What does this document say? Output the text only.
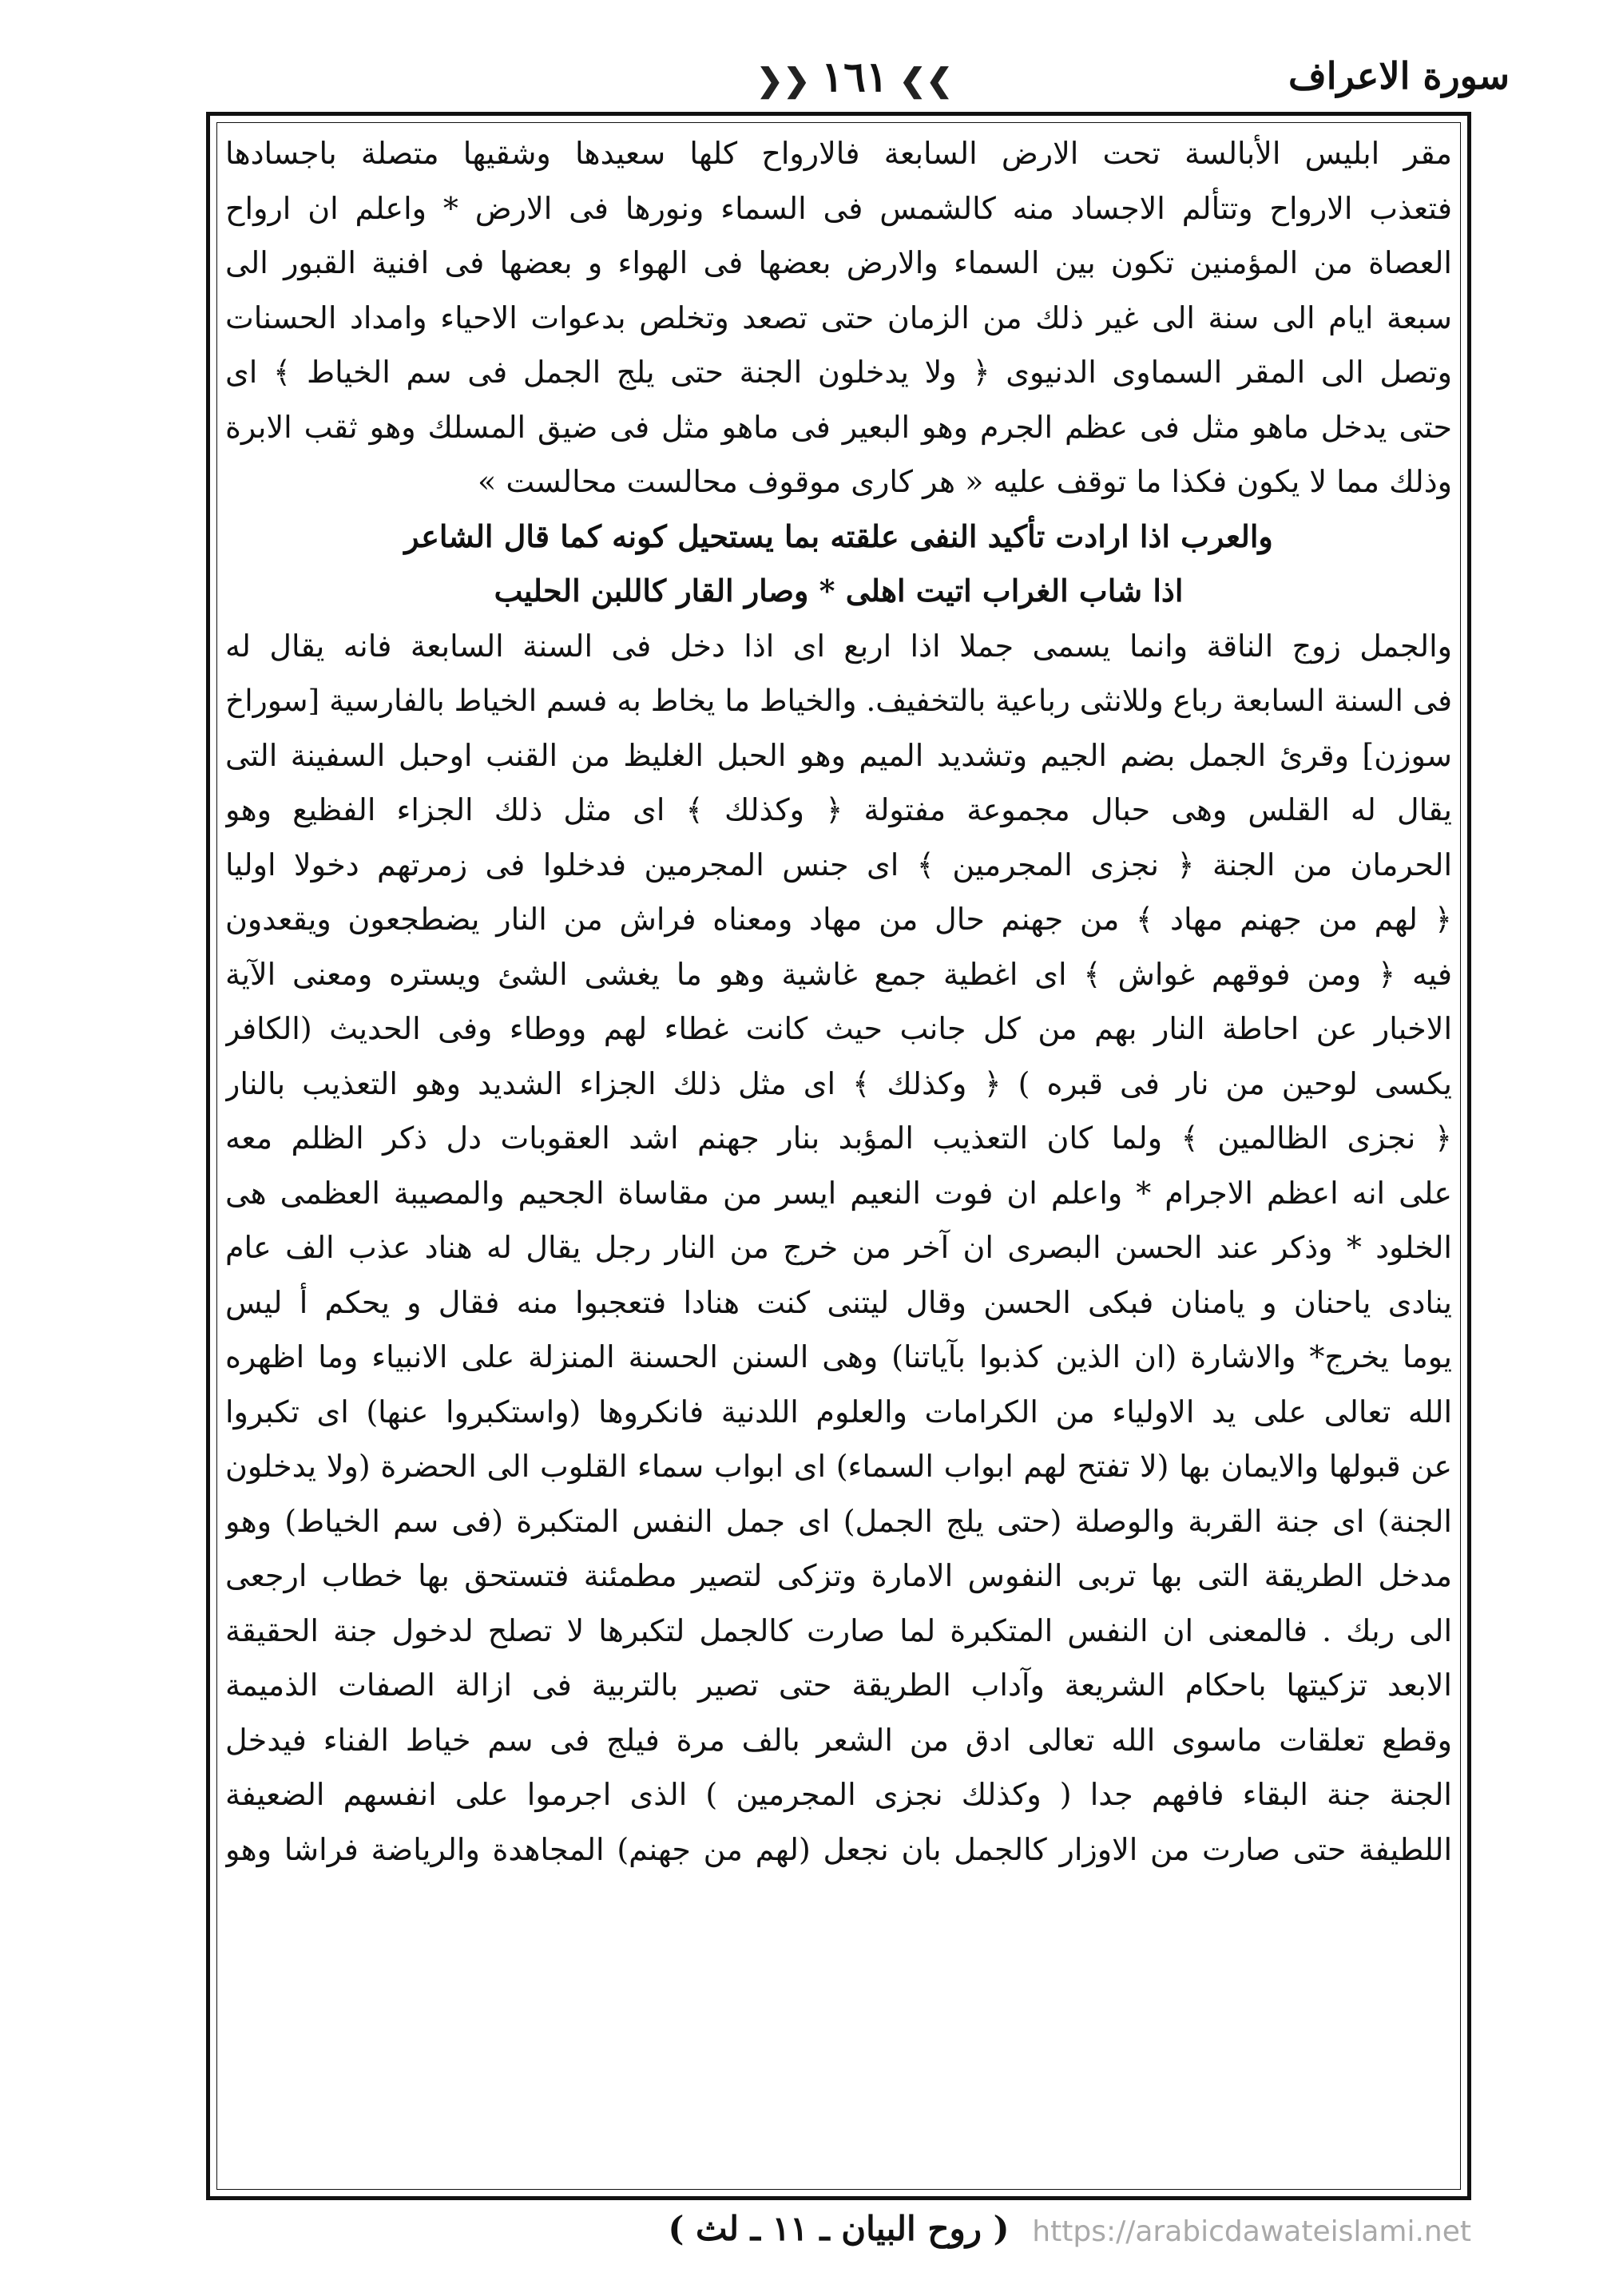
سورة الاعراف
❯❯١٦١❮❮
مقر ابليس الأبالسة تحت الارض السابعة فالارواح كلها سعيدها وشقيها متصلة باجسادها
فتعذب الارواح وتتألم الاجساد منه كالشمس فى السماء ونورها فى الارض * واعلم ان ارواح
العصاة من المؤمنين تكون بين السماء والارض بعضها فى الهواء و بعضها فى افنية القبور الى
سبعة ايام الى سنة الى غير ذلك من الزمان حتى تصعد وتخلص بدعوات الاحياء وامداد الحسنات
وتصل الى المقر السماوى الدنيوى ﴿ ولا يدخلون الجنة حتى يلج الجمل فى سم الخياط ﴾ اى
حتى يدخل ماهو مثل فى عظم الجرم وهو البعير فى ماهو مثل فى ضيق المسلك وهو ثقب الابرة
وذلك مما لا يكون فكذا ما توقف عليه « هر كارى موقوف محالست محالست »
والعرب اذا ارادت تأكيد النفى علقته بما يستحيل كونه كما قال الشاعر
اذا شاب الغراب اتيت اهلى * وصار القار كاللبن الحليب
والجمل زوج الناقة وانما يسمى جملا اذا اربع اى اذا دخل فى السنة السابعة فانه يقال له
فى السنة السابعة رباع وللانثى رباعية بالتخفيف. والخياط ما يخاط به فسم الخياط بالفارسية [سوراخ
سوزن] وقرئ الجمل بضم الجيم وتشديد الميم وهو الحبل الغليظ من القنب اوحبل السفينة التى
يقال له القلس وهى حبال مجموعة مفتولة ﴿ وكذلك ﴾ اى مثل ذلك الجزاء الفظيع وهو
الحرمان من الجنة ﴿ نجزى المجرمين ﴾ اى جنس المجرمين فدخلوا فى زمرتهم دخولا اوليا
﴿ لهم من جهنم مهاد ﴾ من جهنم حال من مهاد ومعناه فراش من النار يضطجعون ويقعدون
فيه ﴿ ومن فوقهم غواش ﴾ اى اغطية جمع غاشية وهو ما يغشى الشئ ويستره ومعنى الآية
الاخبار عن احاطة النار بهم من كل جانب حيث كانت غطاء لهم ووطاء وفى الحديث (الكافر
يكسى لوحين من نار فى قبره ) ﴿ وكذلك ﴾ اى مثل ذلك الجزاء الشديد وهو التعذيب بالنار
﴿ نجزى الظالمين ﴾ ولما كان التعذيب المؤبد بنار جهنم اشد العقوبات دل ذكر الظلم معه
على انه اعظم الاجرام * واعلم ان فوت النعيم ايسر من مقاساة الجحيم والمصيبة العظمى هى
الخلود * وذكر عند الحسن البصرى ان آخر من خرج من النار رجل يقال له هناد عذب الف عام
ينادى ياحنان و يامنان فبكى الحسن وقال ليتنى كنت هنادا فتعجبوا منه فقال و يحكم أ ليس
يوما يخرج* والاشارة (ان الذين كذبوا بآياتنا) وهى السنن الحسنة المنزلة على الانبياء وما اظهره
الله تعالى على يد الاولياء من الكرامات والعلوم اللدنية فانكروها (واستكبروا عنها) اى تكبروا
عن قبولها والايمان بها (لا تفتح لهم ابواب السماء) اى ابواب سماء القلوب الى الحضرة (ولا يدخلون
الجنة) اى جنة القربة والوصلة (حتى يلج الجمل) اى جمل النفس المتكبرة (فى سم الخياط) وهو
مدخل الطريقة التى بها تربى النفوس الامارة وتزكى لتصير مطمئنة فتستحق بها خطاب ارجعى
الى ربك . فالمعنى ان النفس المتكبرة لما صارت كالجمل لتكبرها لا تصلح لدخول جنة الحقيقة
الابعد تزكيتها باحكام الشريعة وآداب الطريقة حتى تصير بالتربية فى ازالة الصفات الذميمة
وقطع تعلقات ماسوى الله تعالى ادق من الشعر بالف مرة فيلج فى سم خياط الفناء فيدخل
الجنة جنة البقاء فافهم جدا ( وكذلك نجزى المجرمين ) الذى اجرموا على انفسهم الضعيفة
اللطيفة حتى صارت من الاوزار كالجمل بان نجعل (لهم من جهنم) المجاهدة والرياضة فراشا وهو
( روح البيان ـ ١١ ـ لث ) https://arabicdawateislami.net
